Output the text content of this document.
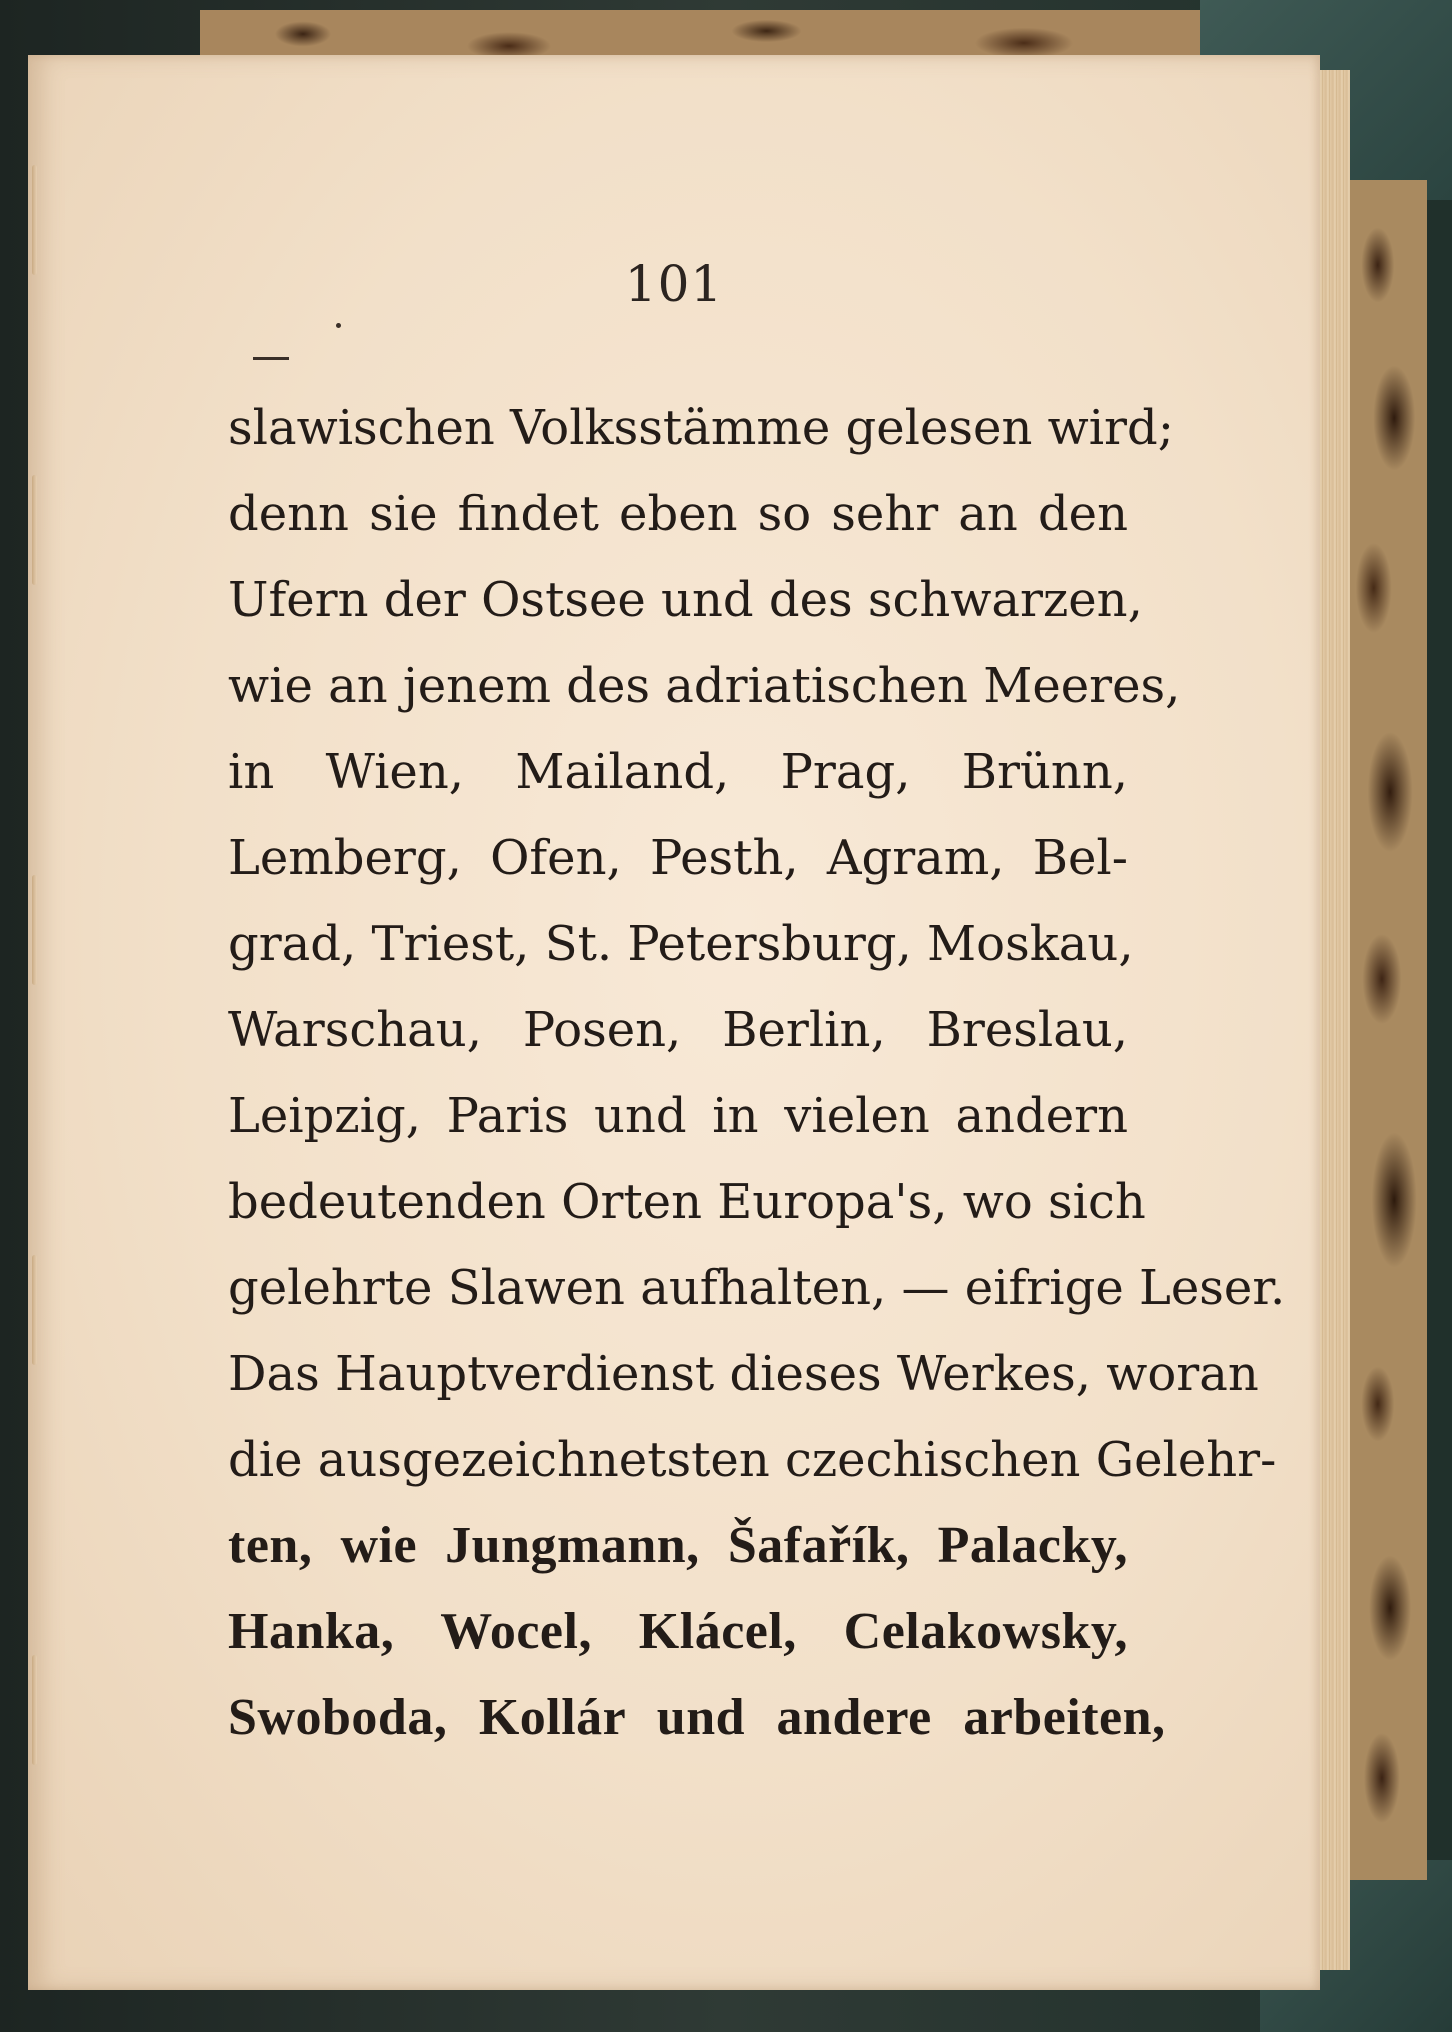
101
slawischen Volksstämme gelesen wird;
denn sie findet eben so sehr an den
Ufern der Ostsee und des schwarzen,
wie an jenem des adriatischen Meeres,
in Wien, Mailand, Prag, Brünn,
Lemberg, Ofen, Pesth, Agram, Bel-
grad, Triest, St. Petersburg, Moskau,
Warschau, Posen, Berlin, Breslau,
Leipzig, Paris und in vielen andern
bedeutenden Orten Europa's, wo sich
gelehrte Slawen aufhalten, — eifrige Leser.
Das Hauptverdienst dieses Werkes, woran
die ausgezeichnetsten czechischen Gelehr-
ten, wie Jungmann, Šafařík, Palacky,
Hanka, Wocel, Klácel, Celakowsky,
Swoboda, Kollár und andere arbeiten,
